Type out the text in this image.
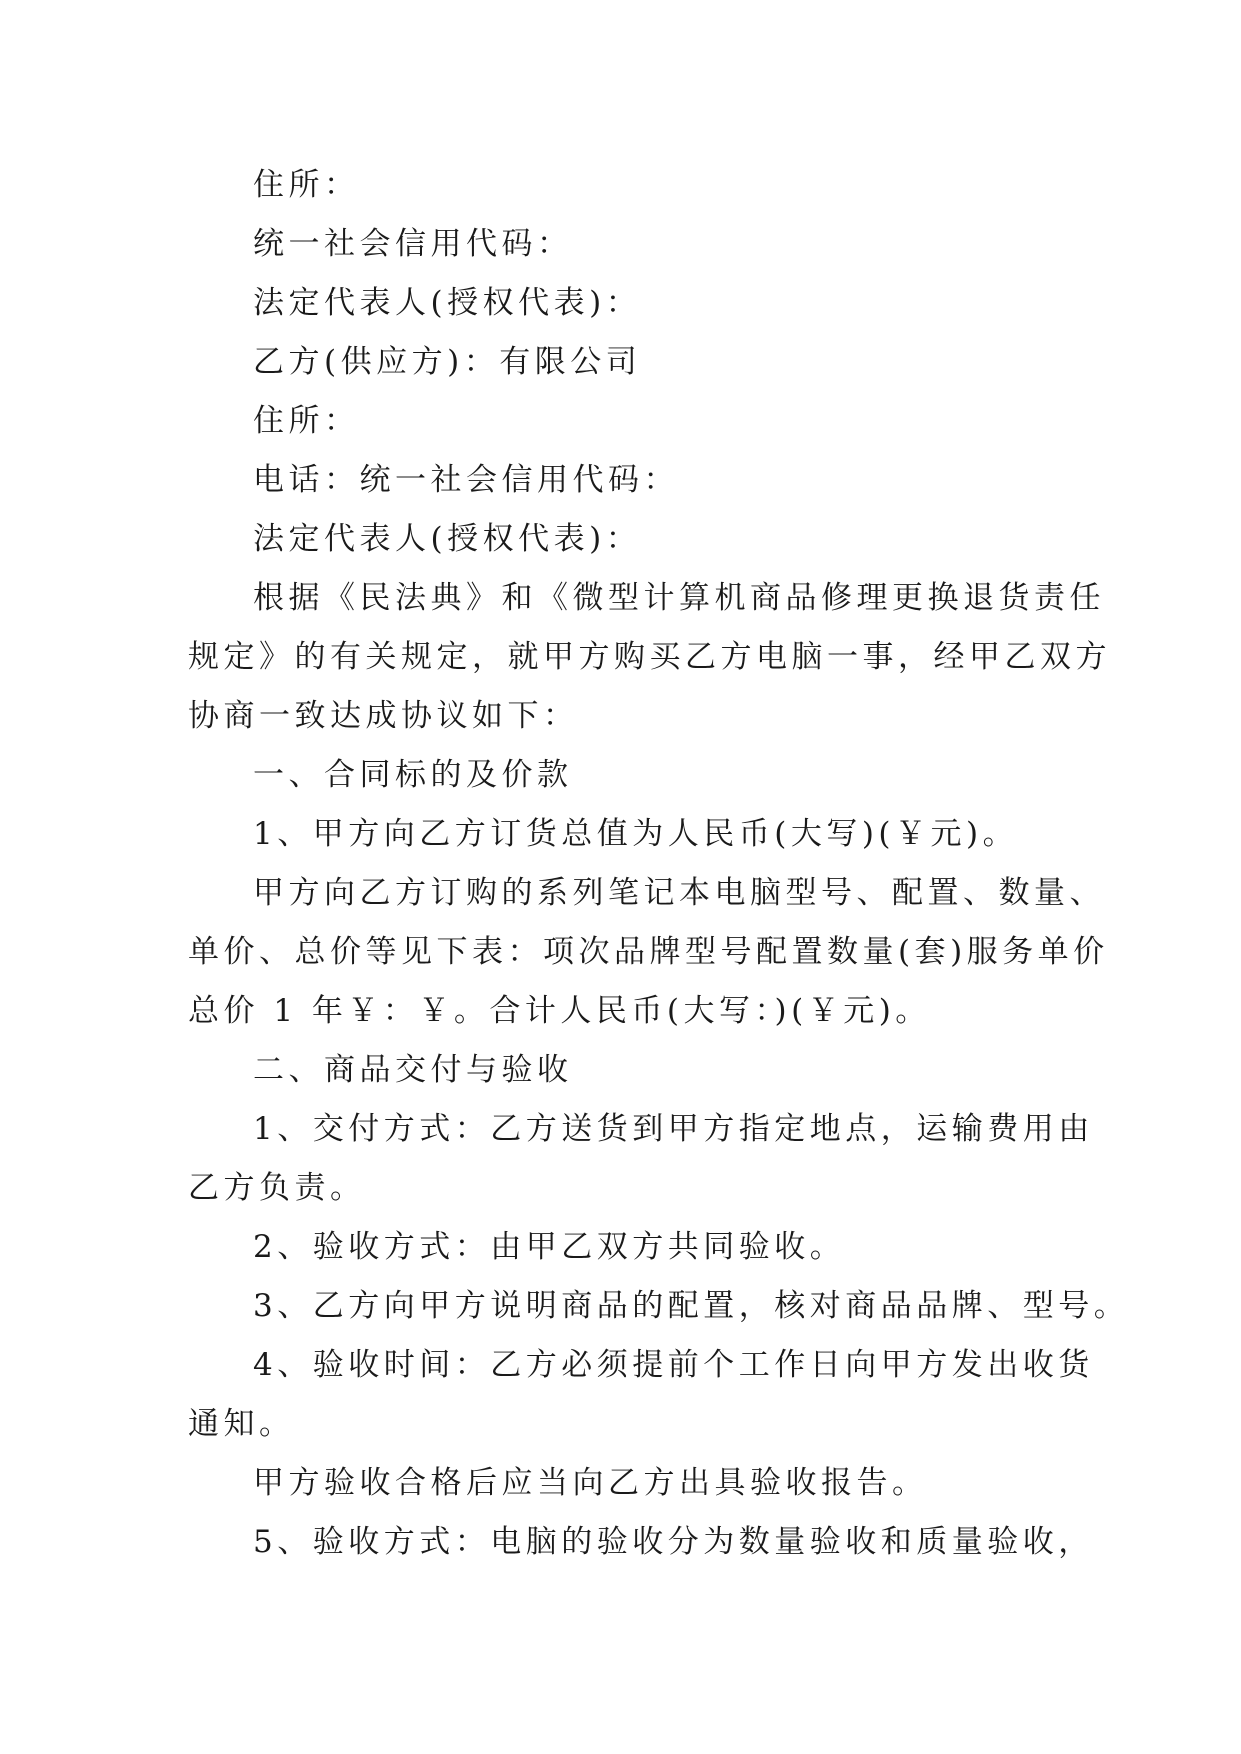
住所：
统一社会信用代码：
法定代表人(授权代表)：
乙方(供应方)：有限公司
住所：
电话：统一社会信用代码：
法定代表人(授权代表)：
根据《民法典》和《微型计算机商品修理更换退货责任
规定》的有关规定，就甲方购买乙方电脑一事，经甲乙双方
协商一致达成协议如下：
一、合同标的及价款
1、甲方向乙方订货总值为人民币(大写)(￥元)。
甲方向乙方订购的系列笔记本电脑型号、配置、数量、
单价、总价等见下表：项次品牌型号配置数量(套)服务单价
总价 1 年￥：￥。合计人民币(大写：)(￥元)。
二、商品交付与验收
1、交付方式：乙方送货到甲方指定地点，运输费用由
乙方负责。
2、验收方式：由甲乙双方共同验收。
3、乙方向甲方说明商品的配置，核对商品品牌、型号。
4、验收时间：乙方必须提前个工作日向甲方发出收货
通知。
甲方验收合格后应当向乙方出具验收报告。
5、验收方式：电脑的验收分为数量验收和质量验收，
